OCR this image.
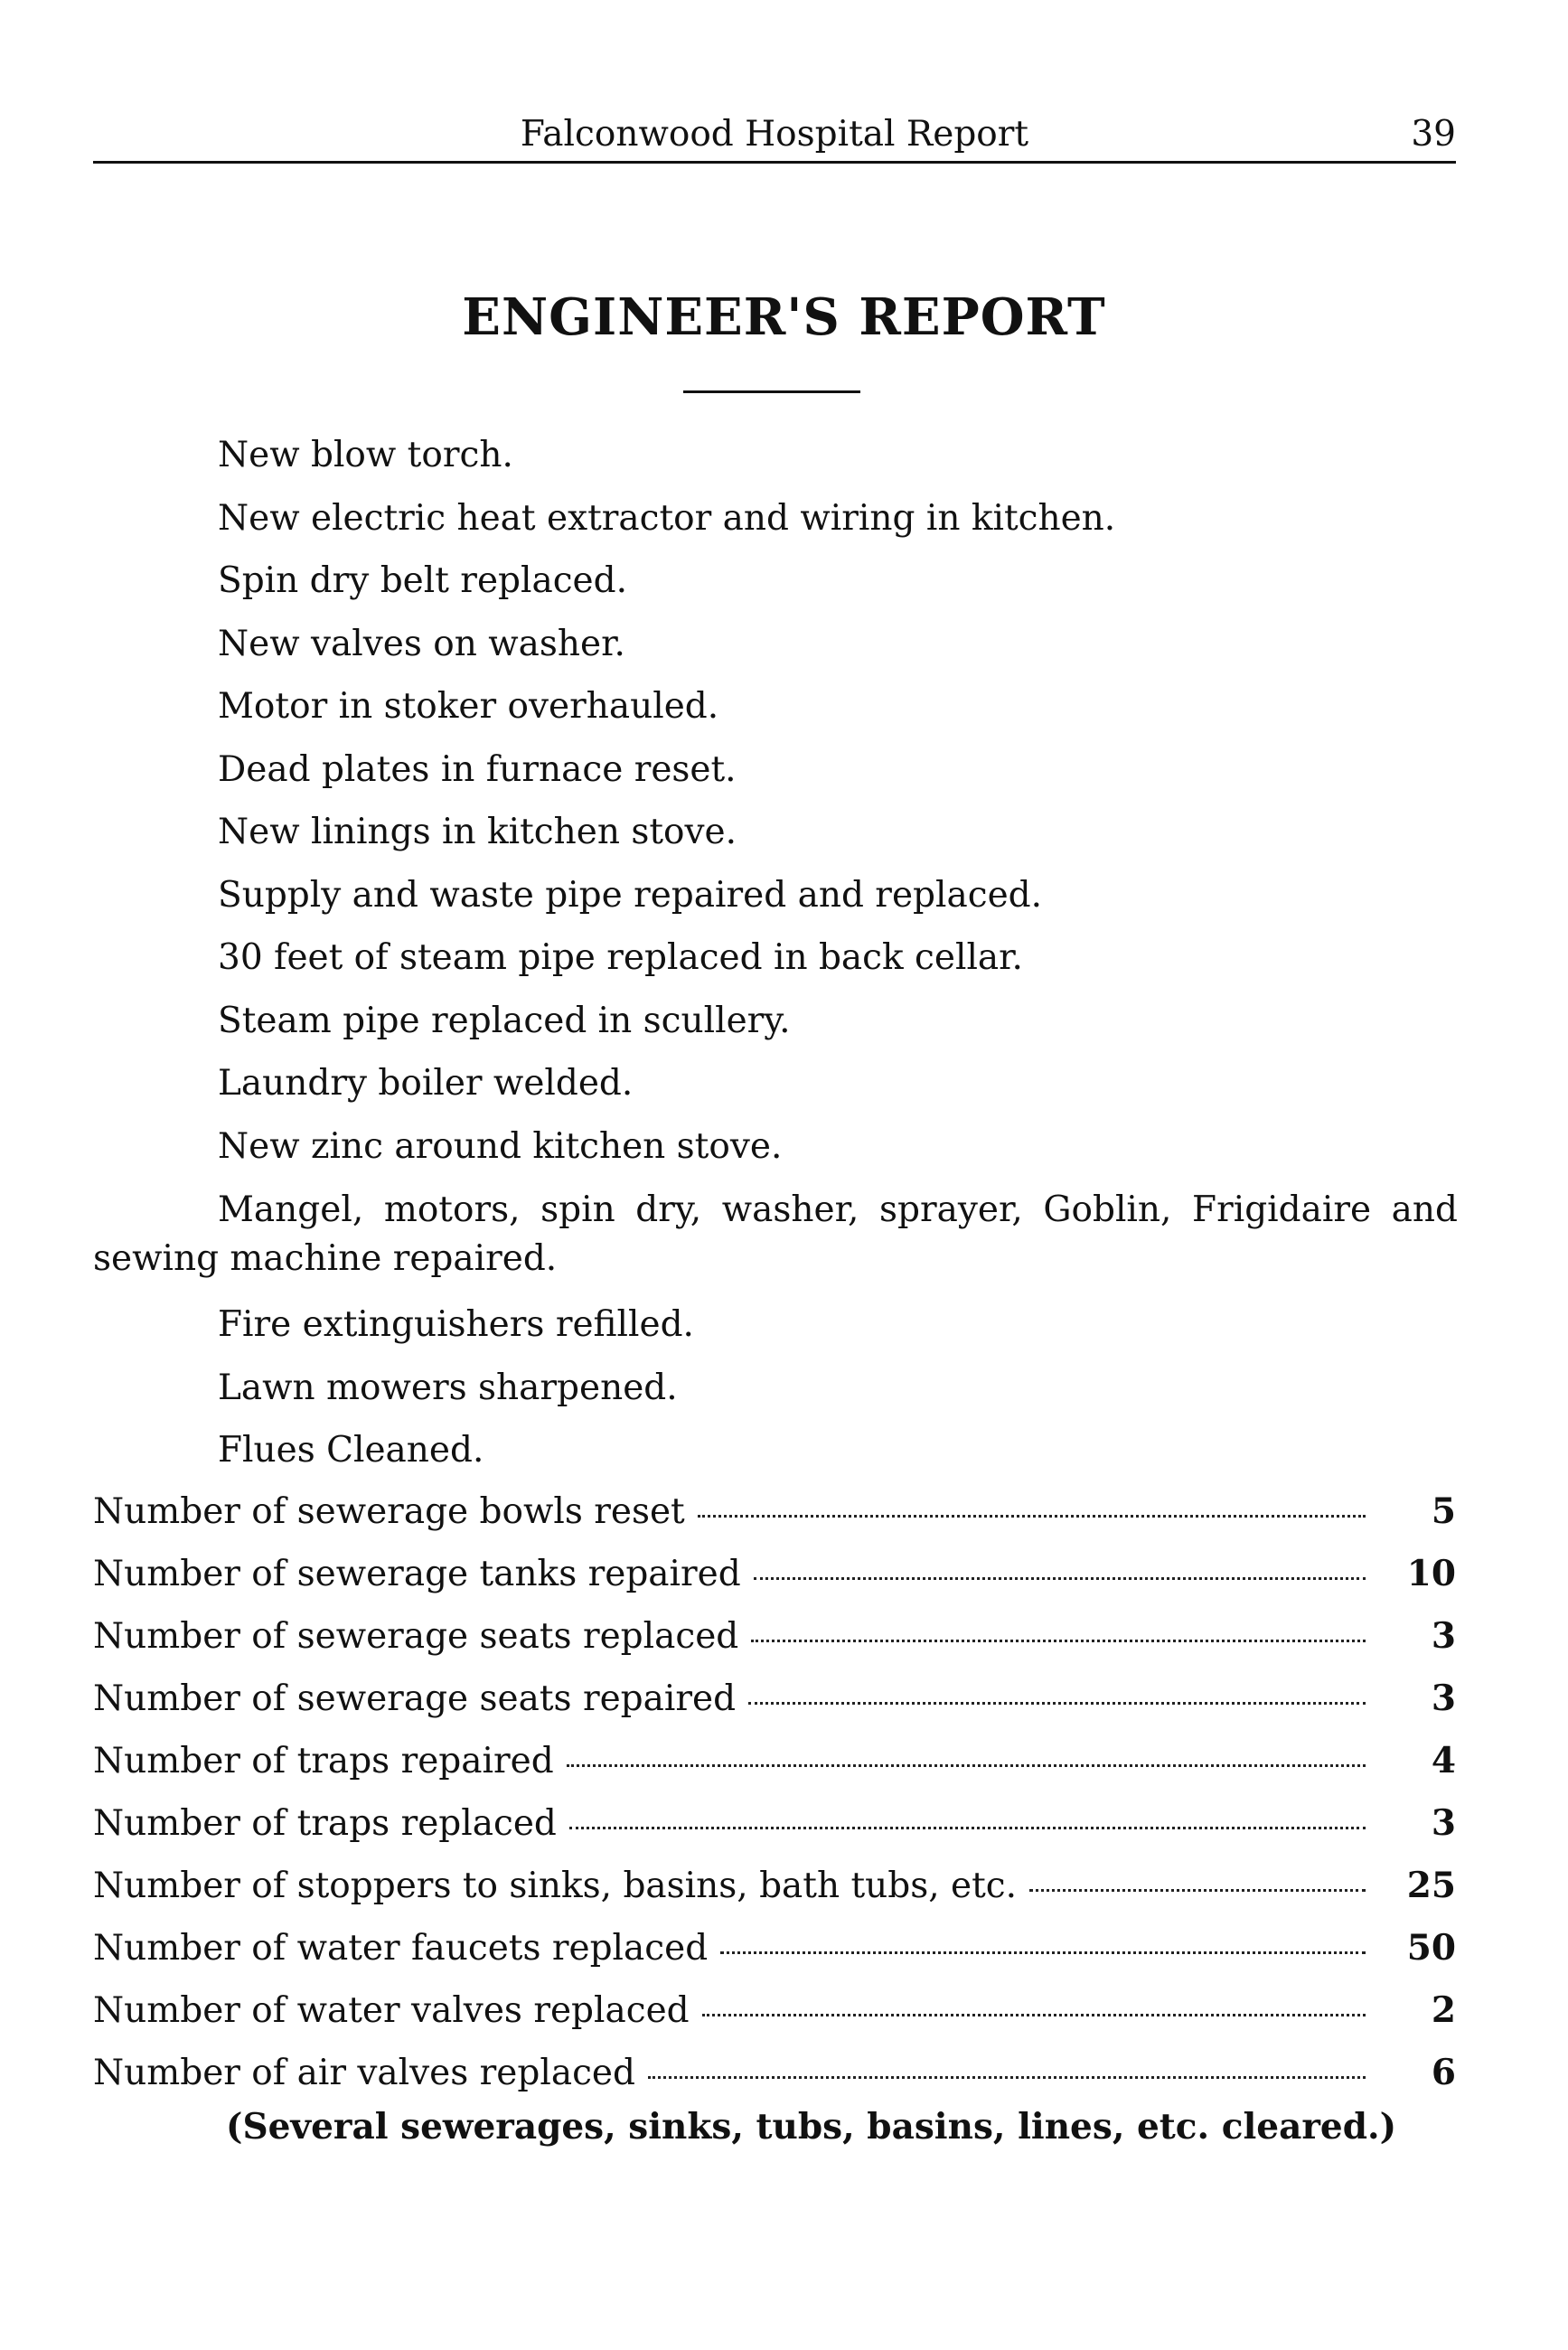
Falconwood Hospital Report	39
ENGINEER'S REPORT
New blow torch.
New electric heat extractor and wiring in kitchen.
Spin dry belt replaced.
New valves on washer.
Motor in stoker overhauled.
Dead plates in furnace reset.
New linings in kitchen stove.
Supply and waste pipe repaired and replaced.
30 feet of steam pipe replaced in back cellar.
Steam pipe replaced in scullery.
Laundry boiler welded.
New zinc around kitchen stove.
Mangel, motors, spin dry, washer, sprayer, Goblin, Frigidaire and sewing machine repaired.
Fire extinguishers refilled.
Lawn mowers sharpened.
Flues Cleaned.
Number of sewerage bowls reset	5
Number of sewerage tanks repaired	10
Number of sewerage seats replaced	3
Number of sewerage seats repaired	3
Number of traps repaired	4
Number of traps replaced	3
Number of stoppers to sinks, basins, bath tubs, etc.	25
Number of water faucets replaced	50
Number of water valves replaced	2
Number of air valves replaced	6
(Several sewerages, sinks, tubs, basins, lines, etc. cleared.)
